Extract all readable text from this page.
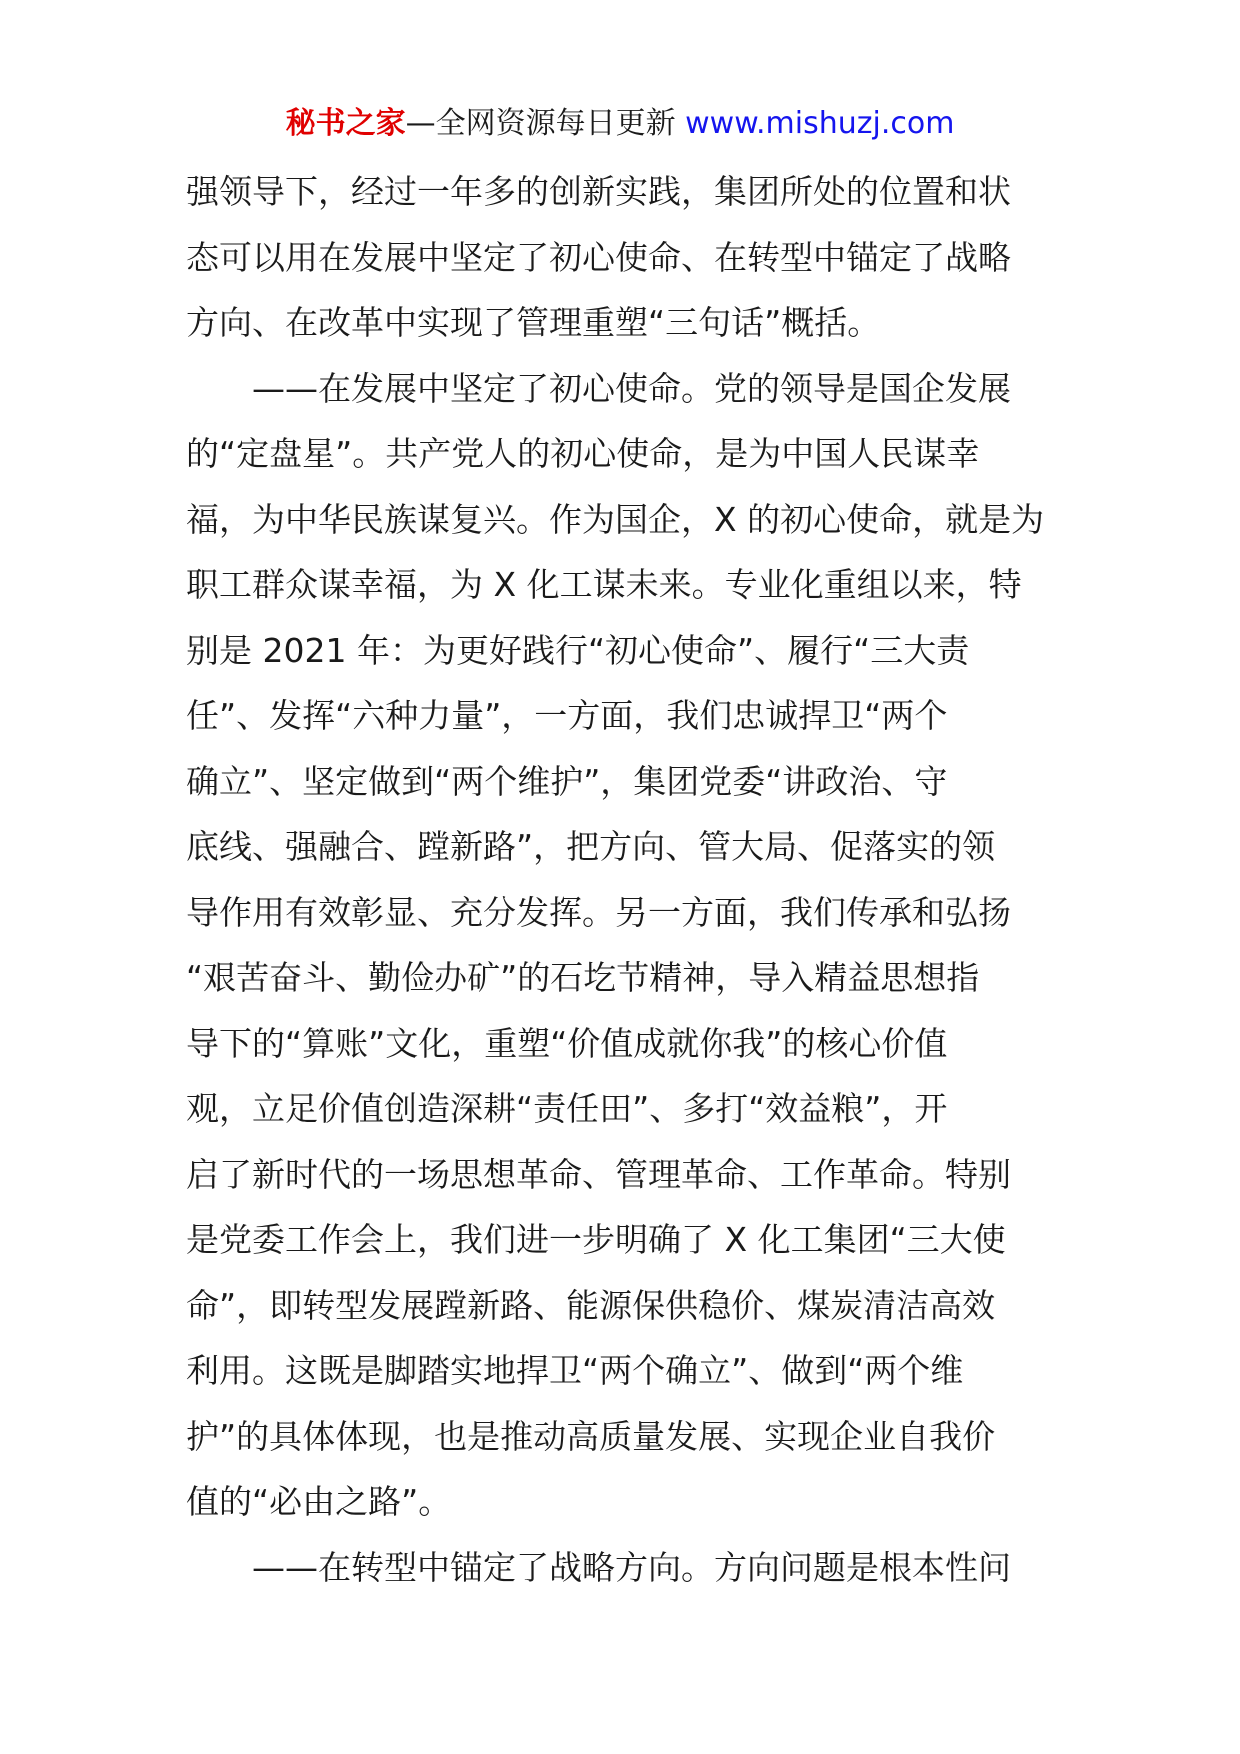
秘书之家—全网资源每日更新 www.mishuzj.com
强领导下，经过一年多的创新实践，集团所处的位置和状
态可以用在发展中坚定了初心使命、在转型中锚定了战略
方向、在改革中实现了管理重塑“三句话”概括。
——在发展中坚定了初心使命。党的领导是国企发展
的“定盘星”。共产党人的初心使命，是为中国人民谋幸
福，为中华民族谋复兴。作为国企，X 的初心使命，就是为
职工群众谋幸福，为 X 化工谋未来。专业化重组以来，特
别是 2021 年：为更好践行“初心使命”、履行“三大责
任”、发挥“六种力量”，一方面，我们忠诚捍卫“两个
确立”、坚定做到“两个维护”，集团党委“讲政治、守
底线、强融合、蹚新路”，把方向、管大局、促落实的领
导作用有效彰显、充分发挥。另一方面，我们传承和弘扬
“艰苦奋斗、勤俭办矿”的石圪节精神，导入精益思想指
导下的“算账”文化，重塑“价值成就你我”的核心价值
观，立足价值创造深耕“责任田”、多打“效益粮”，开
启了新时代的一场思想革命、管理革命、工作革命。特别
是党委工作会上，我们进一步明确了 X 化工集团“三大使
命”，即转型发展蹚新路、能源保供稳价、煤炭清洁高效
利用。这既是脚踏实地捍卫“两个确立”、做到“两个维
护”的具体体现，也是推动高质量发展、实现企业自我价
值的“必由之路”。
——在转型中锚定了战略方向。方向问题是根本性问
